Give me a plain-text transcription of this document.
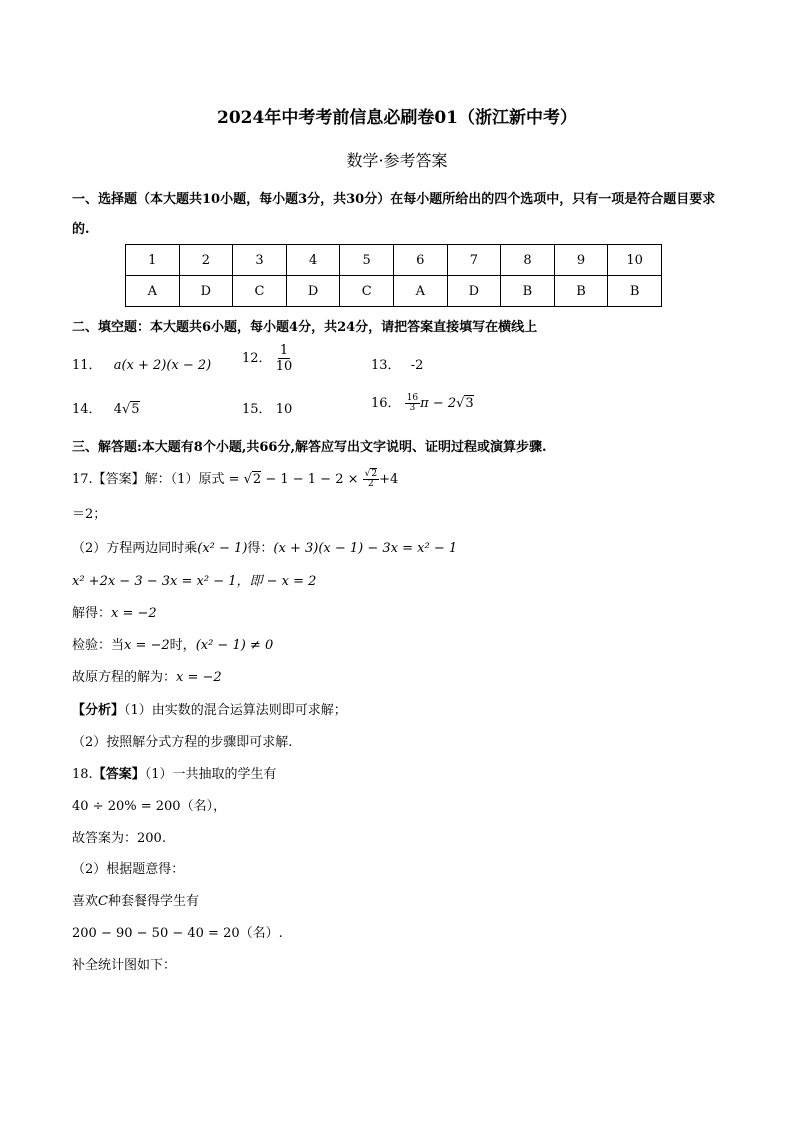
2024年中考考前信息必刷卷01（浙江新中考）
数学·参考答案
一、选择题（本大题共10小题，每小题3分，共30分）在每小题所给出的四个选项中，只有一项是符合题目要求的.
1	2	3	4	5	6	7	8	9	10
A	D	C	D	C	A	D	B	B	B
二、填空题：本大题共6小题，每小题4分，共24分，请把答案直接填写在横线上
11． a(x + 2)(x − 2) 12． $\frac{1}{10}$	13． -2
14． 4√5	15． 10	16． $\frac{16}{3}$ π − 2√3
三、解答题:本大题有8个小题,共66分,解答应写出文字说明、证明过程或演算步骤.
17.【答案】解：（1）原式 = $√2 - 1 - 1 - 2 \times \frac{√2}{2} +4$
＝2；
（2）方程两边同时乘(x² − 1)得：(x + 3)(x − 1) − 3x = x² − 1
x² +2x − 3 − 3x = x² − 1，即 − x = 2
解得：x = −2
检验：当x = −2时，(x² − 1) ≠ 0
故原方程的解为：x = −2
【分析】（1）由实数的混合运算法则即可求解；
（2）按照解分式方程的步骤即可求解.
18.【答案】（1）一共抽取的学生有
40 ÷ 20% = 200（名），
故答案为：200.
（2）根据题意得：
喜欢C种套餐得学生有
200 − 90 − 50 − 40 = 20（名）.
补全统计图如下：
